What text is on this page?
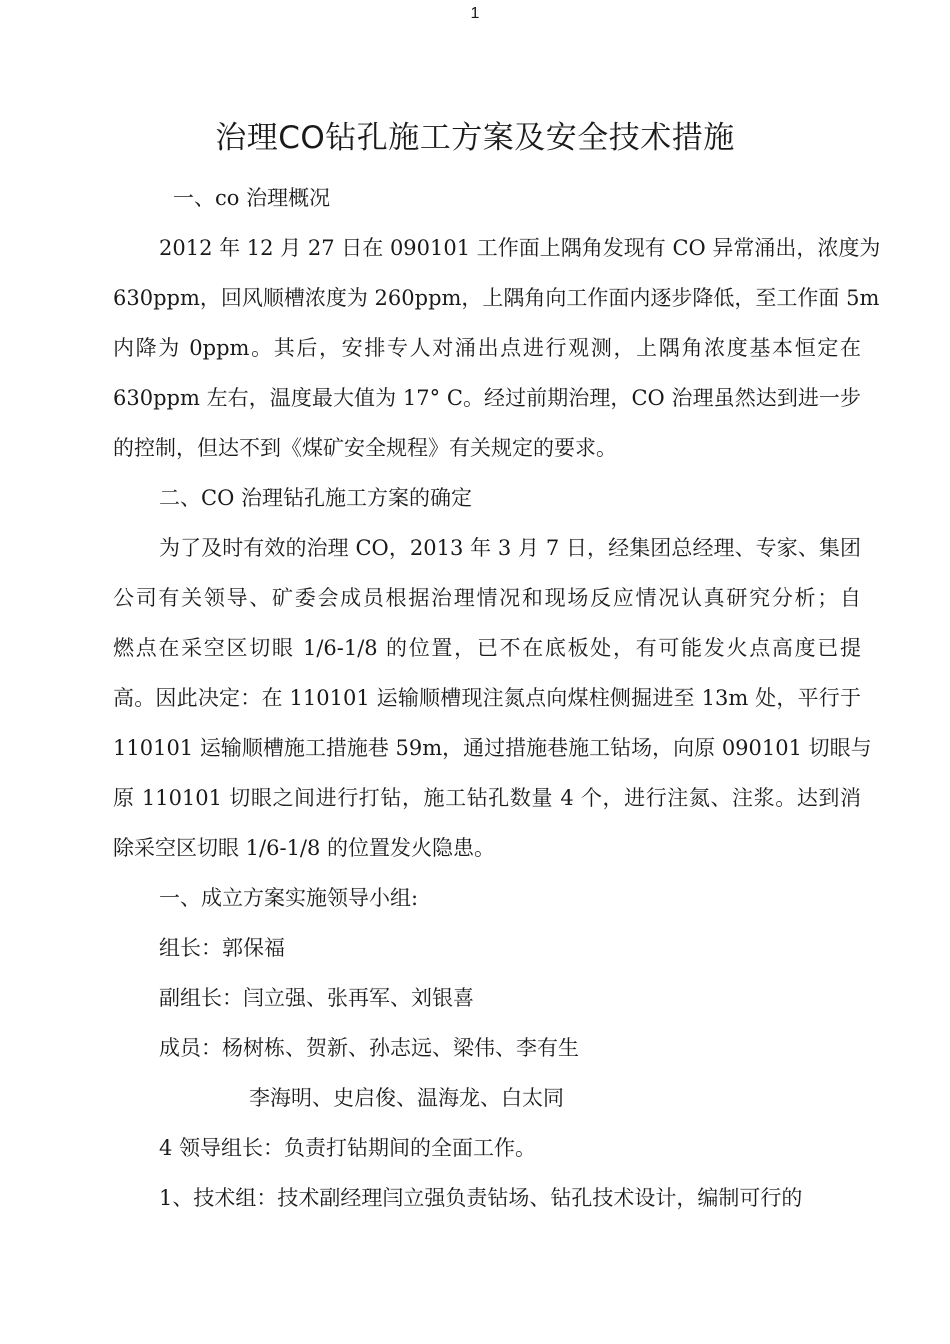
1
治理CO钻孔施工方案及安全技术措施
一、co 治理概况
2012 年 12 月 27 日在 090101 工作面上隅角发现有 CO 异常涌出，浓度为
630ppm，回风顺槽浓度为 260ppm，上隅角向工作面内逐步降低，至工作面 5m
内降为 0ppm。其后，安排专人对涌出点进行观测，上隅角浓度基本恒定在
630ppm 左右，温度最大值为 17° C。经过前期治理，CO 治理虽然达到进一步
的控制，但达不到《煤矿安全规程》有关规定的要求。
二、CO 治理钻孔施工方案的确定
为了及时有效的治理 CO，2013 年 3 月 7 日，经集团总经理、专家、集团
公司有关领导、矿委会成员根据治理情况和现场反应情况认真研究分析；自
燃点在采空区切眼 1/6-1/8 的位置，已不在底板处，有可能发火点高度已提
高。因此决定：在 110101 运输顺槽现注氮点向煤柱侧掘进至 13m 处，平行于
110101 运输顺槽施工措施巷 59m，通过措施巷施工钻场，向原 090101 切眼与
原 110101 切眼之间进行打钻，施工钻孔数量 4 个，进行注氮、注浆。达到消
除采空区切眼 1/6-1/8 的位置发火隐患。
一、成立方案实施领导小组:
组长：郭保福
副组长：闫立强、张再军、刘银喜
成员：杨树栋、贺新、孙志远、梁伟、李有生
李海明、史启俊、温海龙、白太同
4 领导组长：负责打钻期间的全面工作。
1、技术组：技术副经理闫立强负责钻场、钻孔技术设计，编制可行的
